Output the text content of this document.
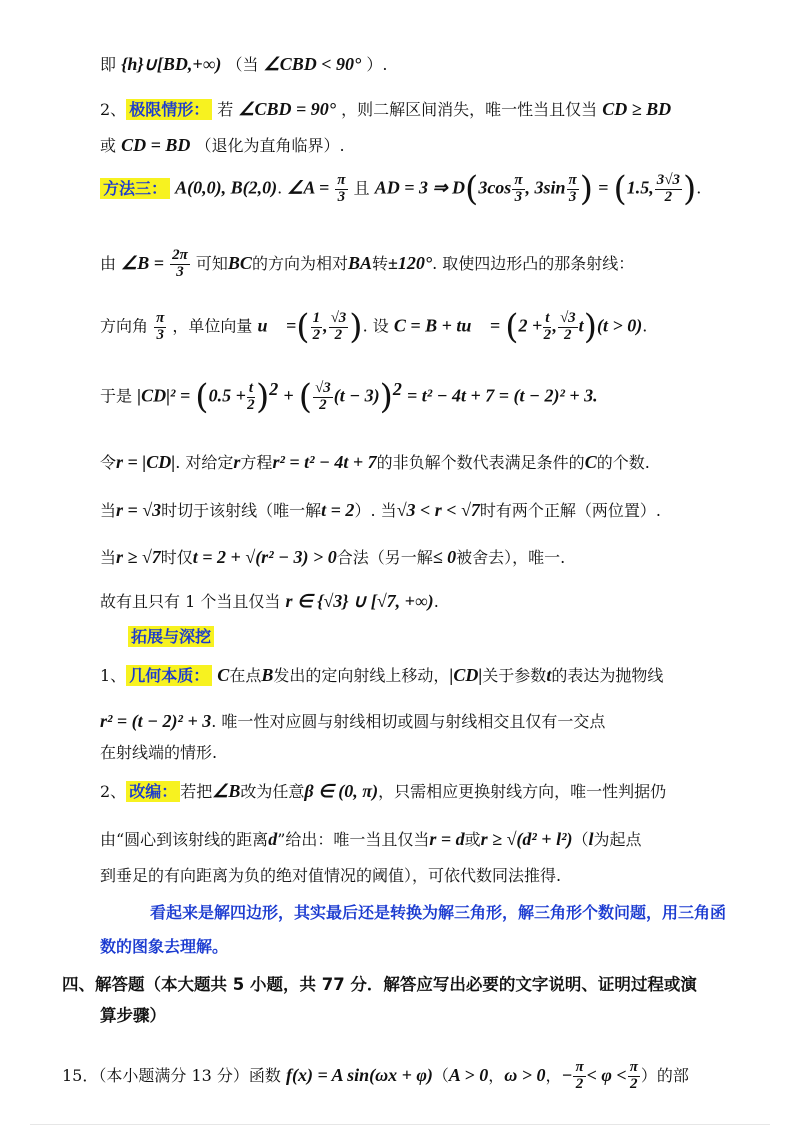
即 {h}∪[BD,+∞) （当 ∠CBD < 90° ）.
2、 极限情形： 若 ∠CBD = 90° ，则二解区间消失，唯一性当且仅当 CD ≥ BD
或 CD = BD （退化为直角临界）.
方法三： A(0,0), B(2,0). ∠A = $\frac{\pi}{3}$ 且 AD = 3 ⇒ $D(3\cos \frac{\pi}{3}$ , $3\sin \frac{\pi}{3}$ ) = (1.5, $\frac{3√3}{2}$ ).
由 ∠B = $\frac{2\pi}{3}$ 可知BC的方向为相对BA转±120°. 取使四边形凸的那条射线：
方向角 $\frac{\pi}{3}$ ，单位向量 u⃗ =( $\frac{1}{2}$ , $\frac{√3}{2}$ ). 设 C = B + tu⃗ = ($2 + \frac{t}{2}$ , $\frac{√3}{2} t)(t > 0)$.
于是 $|CD|^2 = (0.5 + \frac{t}{2} )^2$ + ( $\frac{√3}{2} (t - 3))^2 = t^2 - 4t + 7 = (t - 2)^2 + 3$.
令r = |CD|. 对给定r方程r² = t² − 4t + 7的非负解个数代表满足条件的C的个数.
当r = √3时切于该射线（唯一解t = 2）. 当√3 < r < √7时有两个正解（两位置）.
当r ≥ √7时仅t = 2 + √(r² − 3) > 0合法（另一解≤ 0被舍去），唯一.
故有且只有 1 个当且仅当 r ∈ {√3} ∪ [√7, +∞).
拓展与深挖
1、 几何本质： C在点B发出的定向射线上移动，|CD|关于参数t的表达为抛物线
r² = (t − 2)² + 3. 唯一性对应圆与射线相切或圆与射线相交且仅有一交点
在射线端的情形.
2、 改编： 若把∠B改为任意β ∈ (0, π)，只需相应更换射线方向，唯一性判据仍
由“圆心到该射线的距离d”给出：唯一当且仅当r = d或r ≥ √(d² + l²)（l为起点
到垂足的有向距离为负的绝对值情况的阈值），可依代数同法推得.
看起来是解四边形，其实最后还是转换为解三角形，解三角形个数问题，用三角函
数的图象去理解。
四、解答题（本大题共 5 小题，共 77 分．解答应写出必要的文字说明、证明过程或演
算步骤）
15．（本小题满分 13 分）函数 f(x) = A sin(ωx + φ)（A > 0，ω > 0，− $\frac{\pi}{2} < \varphi < \frac{\pi}{2}$ ）的部
